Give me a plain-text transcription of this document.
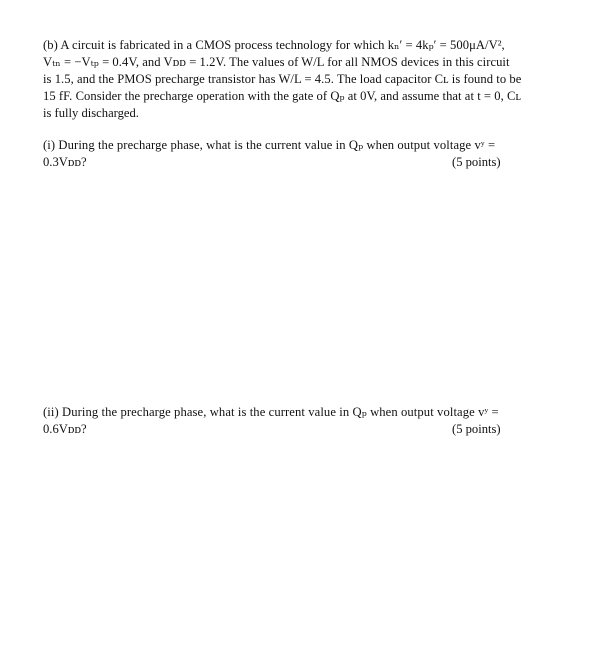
(b) A circuit is fabricated in a CMOS process technology for which kₙ′ = 4kₚ′ = 500μA/V²,
Vₜₙ = −Vₜₚ = 0.4V, and Vᴅᴅ = 1.2V. The values of W/L for all NMOS devices in this circuit
is 1.5, and the PMOS precharge transistor has W/L = 4.5. The load capacitor Cʟ is found to be
15 fF. Consider the precharge operation with the gate of Qₚ at 0V, and assume that at t = 0, Cʟ
is fully discharged.
(i) During the precharge phase, what is the current value in Qₚ when output voltage vʸ =
0.3Vᴅᴅ?	(5 points)
(ii) During the precharge phase, what is the current value in Qₚ when output voltage vʸ =
0.6Vᴅᴅ?	(5 points)
